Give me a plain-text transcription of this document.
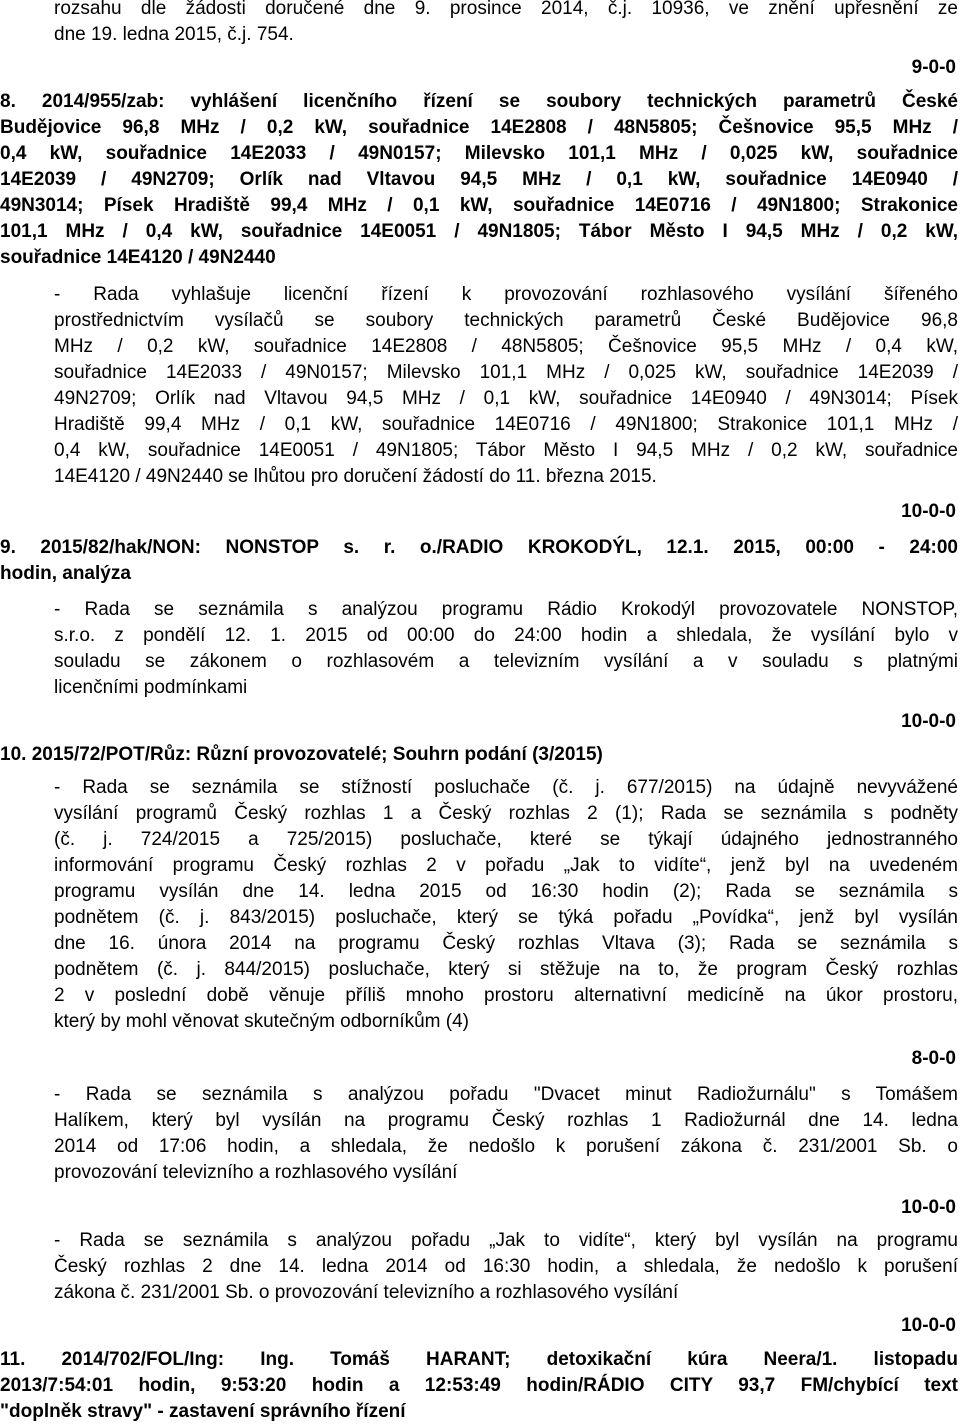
rozsahu dle žádosti doručené dne 9. prosince 2014, č.j. 10936, ve znění upřesnění ze
dne 19. ledna 2015, č.j. 754.
9-0-0
8. 2014/955/zab: vyhlášení licenčního řízení se soubory technických parametrů České
Budějovice 96,8 MHz / 0,2 kW, souřadnice 14E2808 / 48N5805; Češnovice 95,5 MHz /
0,4 kW, souřadnice 14E2033 / 49N0157; Milevsko 101,1 MHz / 0,025 kW, souřadnice
14E2039 / 49N2709; Orlík nad Vltavou 94,5 MHz / 0,1 kW, souřadnice 14E0940 /
49N3014; Písek Hradiště 99,4 MHz / 0,1 kW, souřadnice 14E0716 / 49N1800; Strakonice
101,1 MHz / 0,4 kW, souřadnice 14E0051 / 49N1805; Tábor Město I 94,5 MHz / 0,2 kW,
souřadnice 14E4120 / 49N2440
- Rada vyhlašuje licenční řízení k provozování rozhlasového vysílání šířeného
prostřednictvím vysílačů se soubory technických parametrů České Budějovice 96,8
MHz / 0,2 kW, souřadnice 14E2808 / 48N5805; Češnovice 95,5 MHz / 0,4 kW,
souřadnice 14E2033 / 49N0157; Milevsko 101,1 MHz / 0,025 kW, souřadnice 14E2039 /
49N2709; Orlík nad Vltavou 94,5 MHz / 0,1 kW, souřadnice 14E0940 / 49N3014; Písek
Hradiště 99,4 MHz / 0,1 kW, souřadnice 14E0716 / 49N1800; Strakonice 101,1 MHz /
0,4 kW, souřadnice 14E0051 / 49N1805; Tábor Město I 94,5 MHz / 0,2 kW, souřadnice
14E4120 / 49N2440 se lhůtou pro doručení žádostí do 11. března 2015.
10-0-0
9. 2015/82/hak/NON: NONSTOP s. r. o./RADIO KROKODÝL, 12.1. 2015, 00:00 - 24:00
hodin, analýza
- Rada se seznámila s analýzou programu Rádio Krokodýl provozovatele NONSTOP,
s.r.o. z pondělí 12. 1. 2015 od 00:00 do 24:00 hodin a shledala, že vysílání bylo v
souladu se zákonem o rozhlasovém a televizním vysílání a v souladu s platnými
licenčními podmínkami
10-0-0
10. 2015/72/POT/Růz: Různí provozovatelé; Souhrn podání (3/2015)
- Rada se seznámila se stížností posluchače (č. j. 677/2015) na údajně nevyvážené
vysílání programů Český rozhlas 1 a Český rozhlas 2 (1); Rada se seznámila s podněty
(č. j. 724/2015 a 725/2015) posluchače, které se týkají údajného jednostranného
informování programu Český rozhlas 2 v pořadu „Jak to vidíte“, jenž byl na uvedeném
programu vysílán dne 14. ledna 2015 od 16:30 hodin (2); Rada se seznámila s
podnětem (č. j. 843/2015) posluchače, který se týká pořadu „Povídka“, jenž byl vysílán
dne 16. února 2014 na programu Český rozhlas Vltava (3); Rada se seznámila s
podnětem (č. j. 844/2015) posluchače, který si stěžuje na to, že program Český rozhlas
2 v poslední době věnuje příliš mnoho prostoru alternativní medicíně na úkor prostoru,
který by mohl věnovat skutečným odborníkům (4)
8-0-0
- Rada se seznámila s analýzou pořadu "Dvacet minut Radiožurnálu" s Tomášem
Halíkem, který byl vysílán na programu Český rozhlas 1 Radiožurnál dne 14. ledna
2014 od 17:06 hodin, a shledala, že nedošlo k porušení zákona č. 231/2001 Sb. o
provozování televizního a rozhlasového vysílání
10-0-0
- Rada se seznámila s analýzou pořadu „Jak to vidíte“, který byl vysílán na programu
Český rozhlas 2 dne 14. ledna 2014 od 16:30 hodin, a shledala, že nedošlo k porušení
zákona č. 231/2001 Sb. o provozování televizního a rozhlasového vysílání
10-0-0
11. 2014/702/FOL/Ing: Ing. Tomáš HARANT; detoxikační kúra Neera/1. listopadu
2013/7:54:01 hodin, 9:53:20 hodin a 12:53:49 hodin/RÁDIO CITY 93,7 FM/chybící text
"doplněk stravy" - zastavení správního řízení
